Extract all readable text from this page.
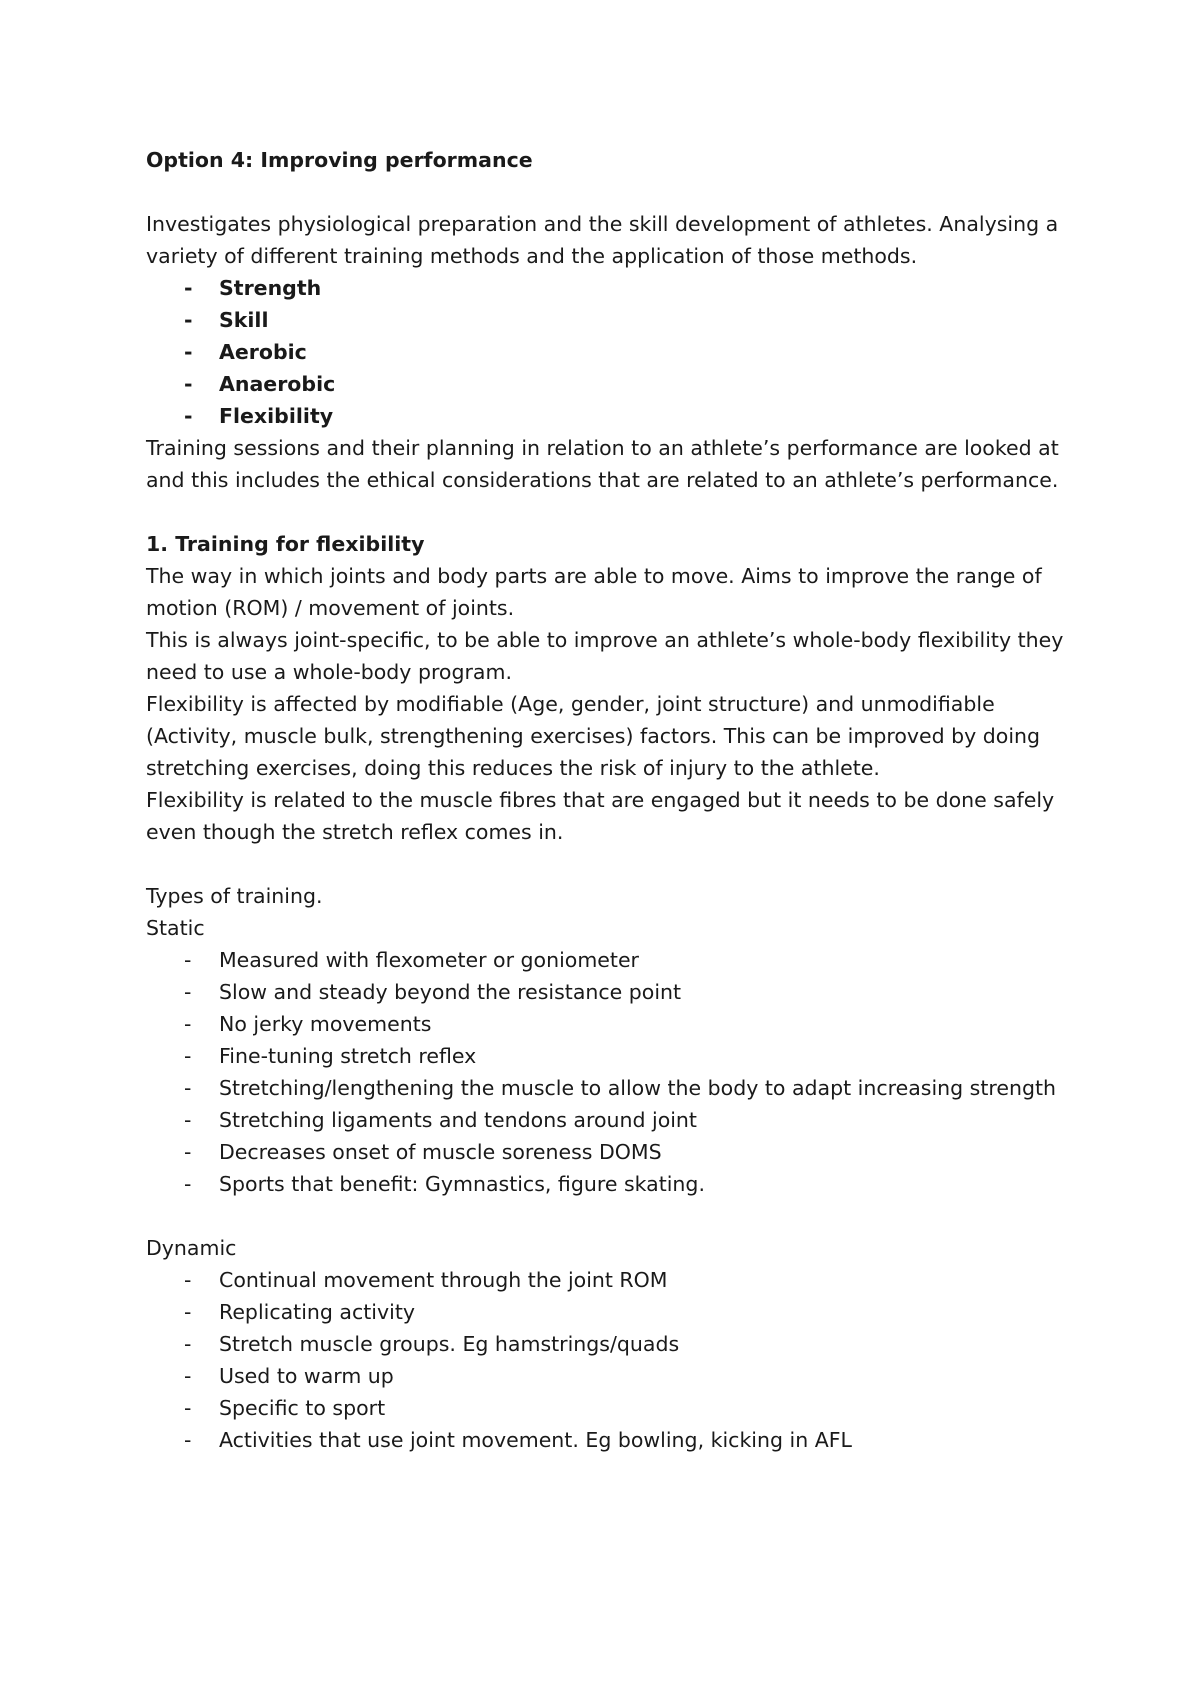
Option 4: Improving performance

Investigates physiological preparation and the skill development of athletes. Analysing a

variety of different training methods and the application of those methods.

-	Strength
-	Skill
-	Aerobic
-	Anaerobic
-	Flexibility

Training sessions and their planning in relation to an athlete’s performance are looked at

and this includes the ethical considerations that are related to an athlete’s performance.

1. Training for flexibility

The way in which joints and body parts are able to move. Aims to improve the range of

motion (ROM) / movement of joints.

This is always joint-specific, to be able to improve an athlete’s whole-body flexibility they

need to use a whole-body program.

Flexibility is affected by modifiable (Age, gender, joint structure) and unmodifiable

(Activity, muscle bulk, strengthening exercises) factors. This can be improved by doing

stretching exercises, doing this reduces the risk of injury to the athlete.

Flexibility is related to the muscle fibres that are engaged but it needs to be done safely

even though the stretch reflex comes in.

Types of training.

Static

-	Measured with flexometer or goniometer
-	Slow and steady beyond the resistance point
-	No jerky movements
-	Fine-tuning stretch reflex
-	Stretching/lengthening the muscle to allow the body to adapt increasing strength
-	Stretching ligaments and tendons around joint
-	Decreases onset of muscle soreness DOMS
-	Sports that benefit: Gymnastics, figure skating.

Dynamic

-	Continual movement through the joint ROM
-	Replicating activity
-	Stretch muscle groups. Eg hamstrings/quads
-	Used to warm up
-	Specific to sport
-	Activities that use joint movement. Eg bowling, kicking in AFL
